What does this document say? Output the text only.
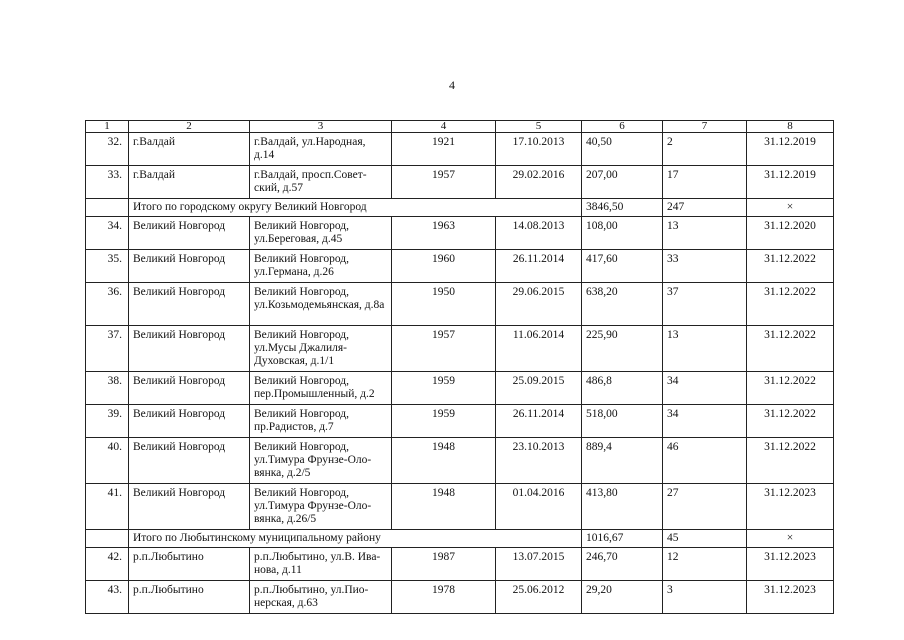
4
1	2	3	4	5	6	7	8
32.	г.Валдай	г.Валдай, ул.Народная, д.14	1921	17.10.2013	40,50	2	31.12.2019
33.	г.Валдай	г.Валдай, просп.Совет-ский, д.57	1957	29.02.2016	207,00	17	31.12.2019
	Итого по городскому округу Великий Новгород				3846,50	247	×
34.	Великий Новгород	Великий Новгород, ул.Береговая, д.45	1963	14.08.2013	108,00	13	31.12.2020
35.	Великий Новгород	Великий Новгород, ул.Германа, д.26	1960	26.11.2014	417,60	33	31.12.2022
36.	Великий Новгород	Великий Новгород, ул.Козьмодемьянская, д.8а	1950	29.06.2015	638,20	37	31.12.2022
37.	Великий Новгород	Великий Новгород, ул.Мусы Джалиля-Духовская, д.1/1	1957	11.06.2014	225,90	13	31.12.2022
38.	Великий Новгород	Великий Новгород, пер.Промышленный, д.2	1959	25.09.2015	486,8	34	31.12.2022
39.	Великий Новгород	Великий Новгород, пр.Радистов, д.7	1959	26.11.2014	518,00	34	31.12.2022
40.	Великий Новгород	Великий Новгород, ул.Тимура Фрунзе-Оло-вянка, д.2/5	1948	23.10.2013	889,4	46	31.12.2022
41.	Великий Новгород	Великий Новгород, ул.Тимура Фрунзе-Оло-вянка, д.26/5	1948	01.04.2016	413,80	27	31.12.2023
	Итого по Любытинскому муниципальному району				1016,67	45	×
42.	р.п.Любытино	р.п.Любытино, ул.В. Ива-нова, д.11	1987	13.07.2015	246,70	12	31.12.2023
43.	р.п.Любытино	р.п.Любытино, ул.Пио-нерская, д.63	1978	25.06.2012	29,20	3	31.12.2023
